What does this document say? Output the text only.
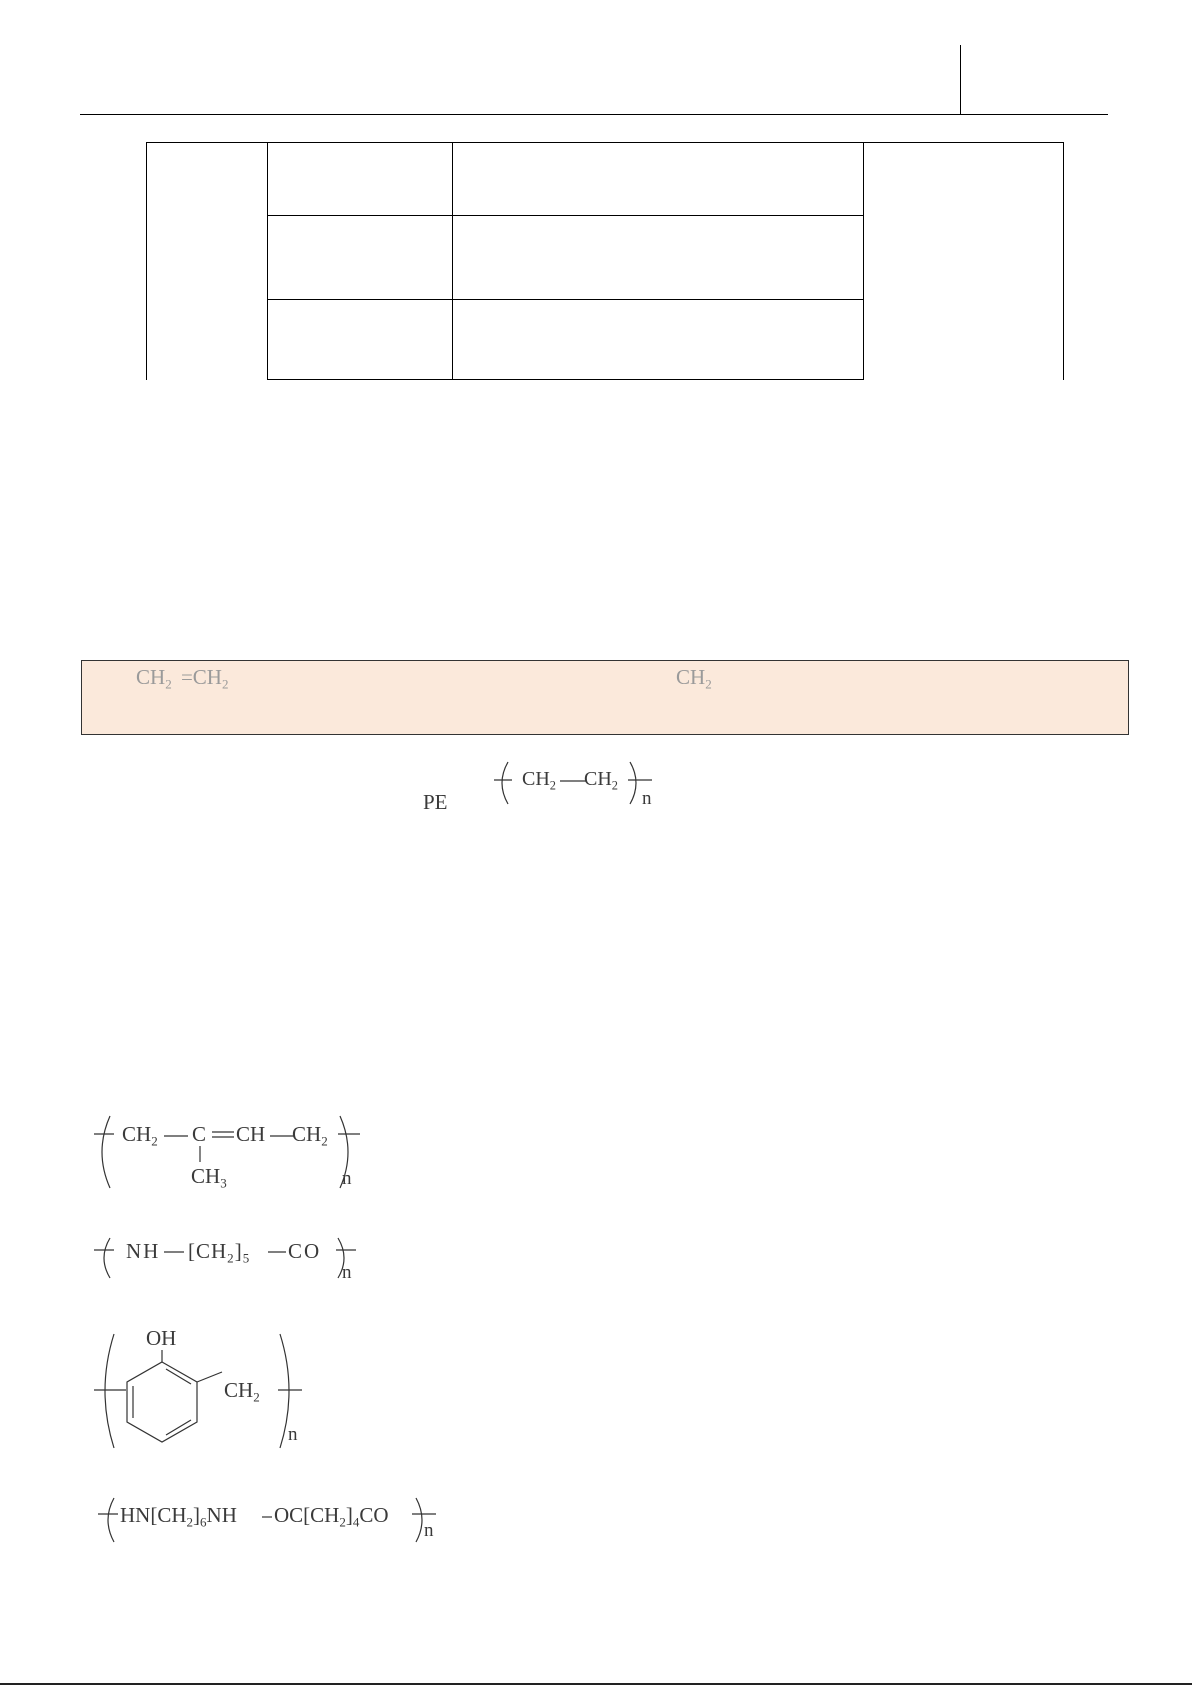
$CH_2 =CH_2$	$CH_2$
PE
$CH_2$ $CH_2$
n
$CH_2$ C CH $CH_2$
$CH_3$	n
NH $[CH_2]_5$ CO
n
OH
$CH_2$
n
$HN[CH_2]_6NH$ $OC[CH_2]_4CO$
n
